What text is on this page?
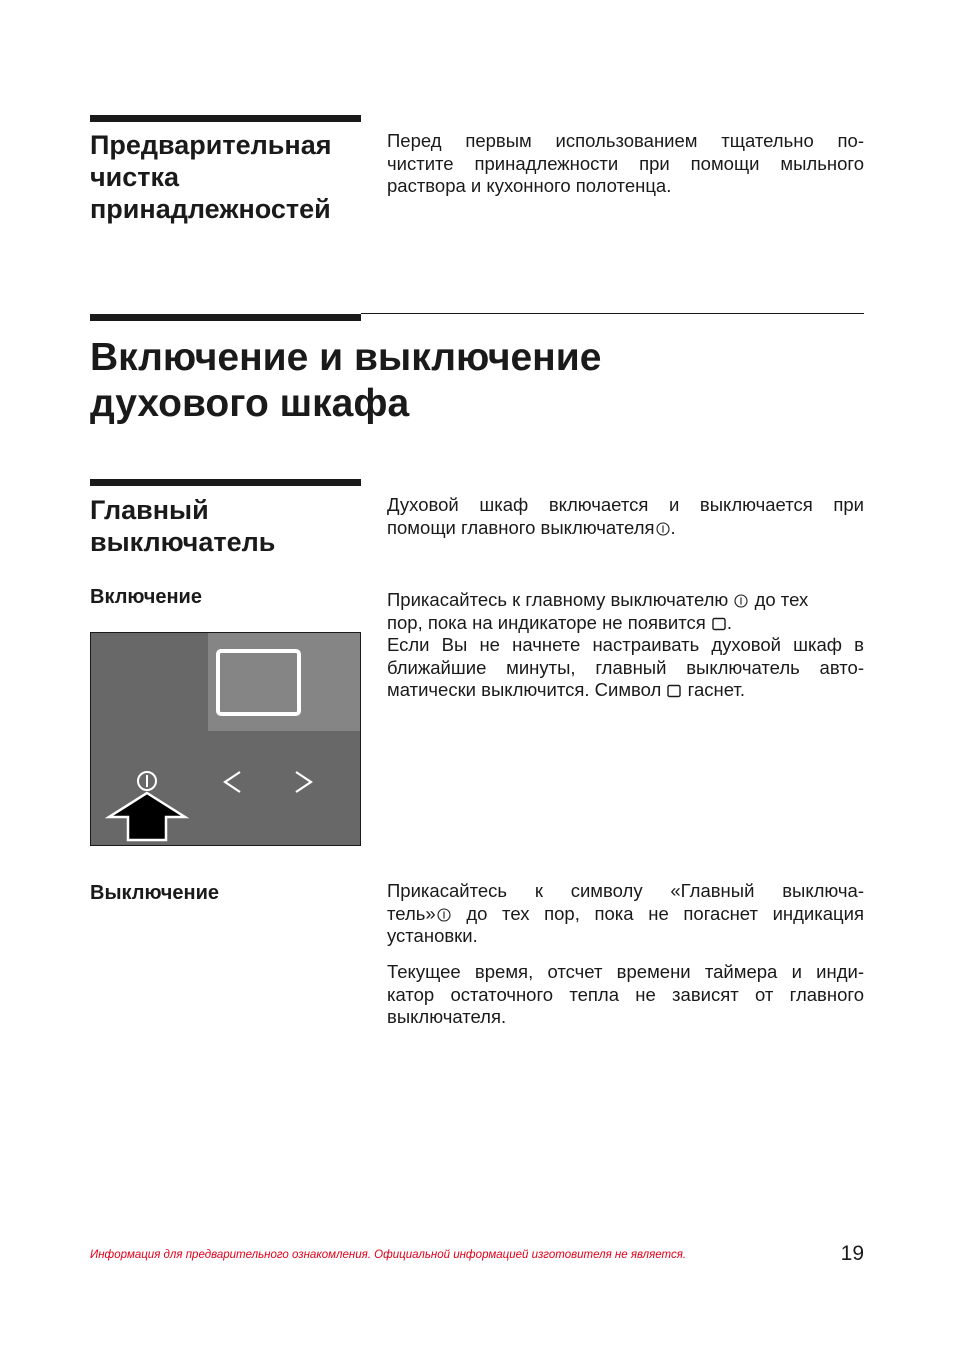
Предварительная
чистка
принадлежностей
Перед первым использованием тщательно по-
чистите принадлежности при помощи мыльного
раствора и кухонного полотенца.
Включение и выключение
духового шкафа
Главный
выключатель
Духовой шкаф включается и выключается при
помощи главного выключателя .
Включение	Прикасайтесь к главному выключателю до тех
пор, пока на индикаторе не появится .
Если Вы не начнете настраивать духовой шкаф в
ближайшие минуты, главный выключатель авто-
матически выключится. Символ гаснет.
Выключение	Прикасайтесь к символу «Главный выключа-
тель» до тех пор, пока не погаснет индикация
установки.
Текущее время, отсчет времени таймера и инди-
катор остаточного тепла не зависят от главного
выключателя.
Информация для предварительного ознакомления. Официальной информацией изготовителя не является.	19
